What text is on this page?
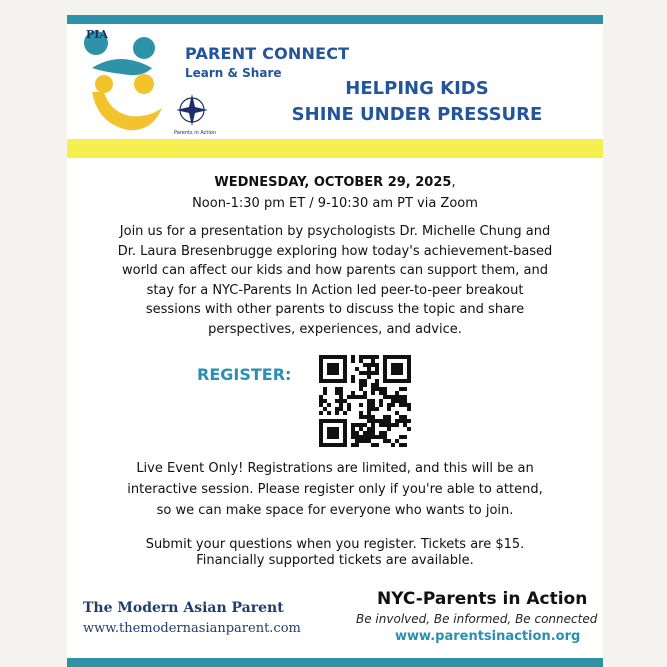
Parents in Action
PIA
PARENT CONNECT
Learn & Share
HELPING KIDS
SHINE UNDER PRESSURE
WEDNESDAY, OCTOBER 29, 2025,
Noon-1:30 pm ET / 9-10:30 am PT via Zoom
Join us for a presentation by psychologists Dr. Michelle Chung and
Dr. Laura Bresenbrugge exploring how today's achievement-based
world can affect our kids and how parents can support them, and
stay for a NYC-Parents In Action led peer-to-peer breakout
sessions with other parents to discuss the topic and share
perspectives, experiences, and advice.
REGISTER:
Live Event Only! Registrations are limited, and this will be an
interactive session. Please register only if you're able to attend,
so we can make space for everyone who wants to join.
Submit your questions when you register. Tickets are $15.
Financially supported tickets are available.
The Modern Asian Parent
www.themodernasianparent.com
NYC-Parents in Action
Be involved, Be informed, Be connected
www.parentsinaction.org
